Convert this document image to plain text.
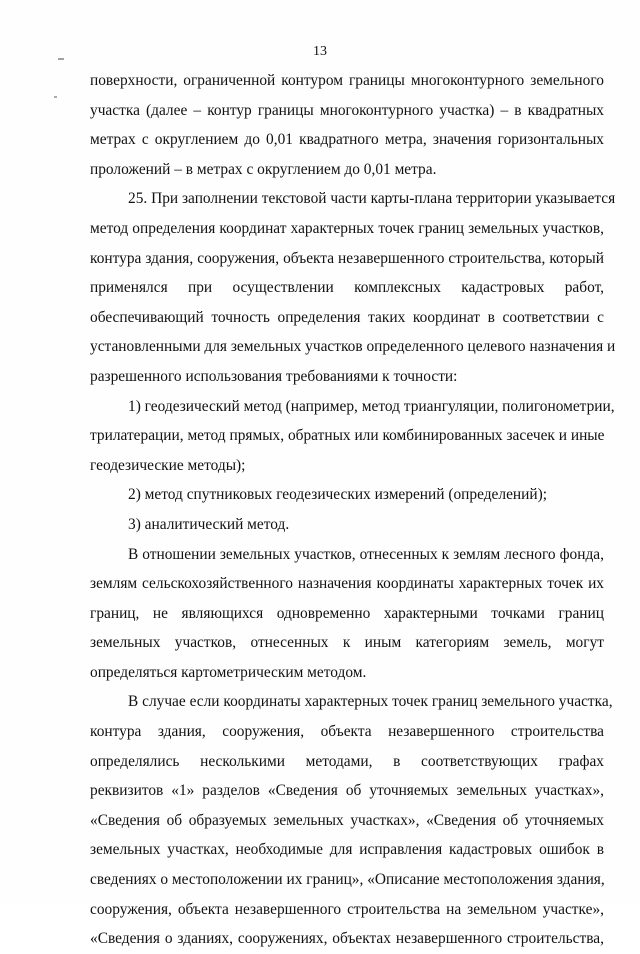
13
поверхности, ограниченной контуром границы многоконтурного земельного
участка (далее – контур границы многоконтурного участка) – в квадратных
метрах с округлением до 0,01 квадратного метра, значения горизонтальных
проложений – в метрах с округлением до 0,01 метра.
25. При заполнении текстовой части карты-плана территории указывается
метод определения координат характерных точек границ земельных участков,
контура здания, сооружения, объекта незавершенного строительства, который
применялся при осуществлении комплексных кадастровых работ,
обеспечивающий точность определения таких координат в соответствии с
установленными для земельных участков определенного целевого назначения и
разрешенного использования требованиями к точности:
1) геодезический метод (например, метод триангуляции, полигонометрии,
трилатерации, метод прямых, обратных или комбинированных засечек и иные
геодезические методы);
2) метод спутниковых геодезических измерений (определений);
3) аналитический метод.
В отношении земельных участков, отнесенных к землям лесного фонда,
землям сельскохозяйственного назначения координаты характерных точек их
границ, не являющихся одновременно характерными точками границ
земельных участков, отнесенных к иным категориям земель, могут
определяться картометрическим методом.
В случае если координаты характерных точек границ земельного участка,
контура здания, сооружения, объекта незавершенного строительства
определялись несколькими методами, в соответствующих графах
реквизитов «1» разделов «Сведения об уточняемых земельных участках»,
«Сведения об образуемых земельных участках», «Сведения об уточняемых
земельных участках, необходимые для исправления кадастровых ошибок в
сведениях о местоположении их границ», «Описание местоположения здания,
сооружения, объекта незавершенного строительства на земельном участке»,
«Сведения о зданиях, сооружениях, объектах незавершенного строительства,
